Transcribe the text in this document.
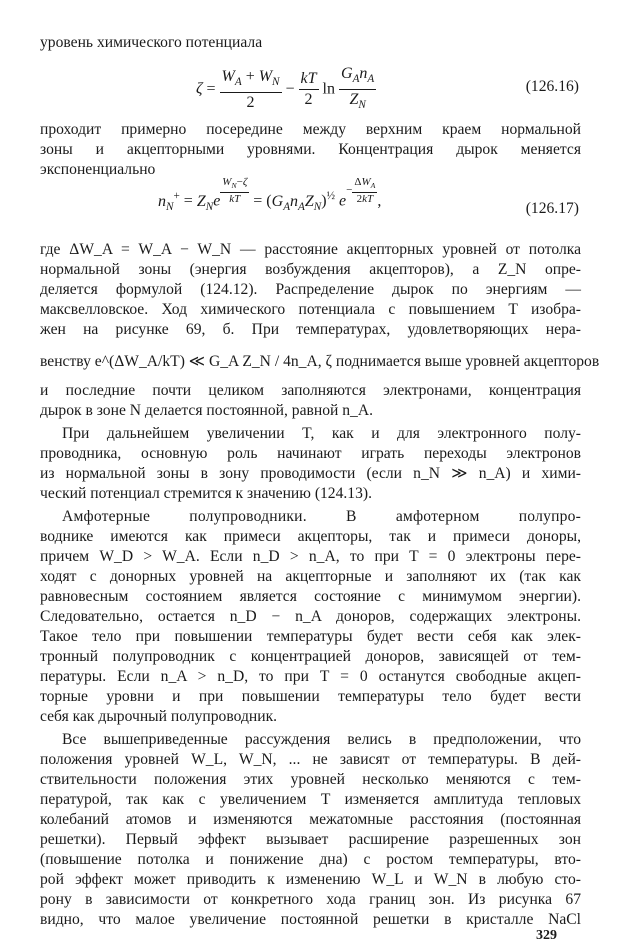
уровень химического потенциала
$\zeta = \frac{W_A + W_N}{2} - \frac{kT}{2}$ $\ln \frac{G_An_A}{Z_N}$	(126.16)
проходит примерно посередине между верхним краем нормальной
зоны и акцепторными уровнями. Концентрация дырок меняется
экспоненциально
$n_N^+ = Z_Ne$ $^{\frac{W_N-\zeta}{kT}} = (G_An_AZ_N)^{\frac{1}{2}}$ $e^{- \frac{\Delta W_A}{2kT}}$ ,	(126.17)
где ΔW_A = W_A − W_N — расстояние акцепторных уровней от потолка
нормальной зоны (энергия возбуждения акцепторов), а Z_N опре-
деляется формулой (124.12). Распределение дырок по энергиям —
максвелловское. Ход химического потенциала с повышением T изобра-
жен на рисунке 69, б. При температурах, удовлетворяющих нера-
венству e^(ΔW_A/kT) ≪ G_A Z_N / 4n_A, ζ поднимается выше уровней акцепторов
и последние почти целиком заполняются электронами, концентрация
дырок в зоне N делается постоянной, равной n_A.
При дальнейшем увеличении T, как и для электронного полу-
проводника, основную роль начинают играть переходы электронов
из нормальной зоны в зону проводимости (если n_N ≫ n_A) и хими-
ческий потенциал стремится к значению (124.13).
Амфотерные полупроводники. В амфотерном полупро-
воднике имеются как примеси акцепторы, так и примеси доноры,
причем W_D > W_A. Если n_D > n_A, то при T = 0 электроны пере-
ходят с донорных уровней на акцепторные и заполняют их (так как
равновесным состоянием является состояние с минимумом энергии).
Следовательно, остается n_D − n_A доноров, содержащих электроны.
Такое тело при повышении температуры будет вести себя как элек-
тронный полупроводник с концентрацией доноров, зависящей от тем-
пературы. Если n_A > n_D, то при T = 0 останутся свободные акцеп-
торные уровни и при повышении температуры тело будет вести
себя как дырочный полупроводник.
Все вышеприведенные рассуждения велись в предположении, что
положения уровней W_L, W_N, ... не зависят от температуры. В дей-
ствительности положения этих уровней несколько меняются с тем-
пературой, так как с увеличением T изменяется амплитуда тепловых
колебаний атомов и изменяются межатомные расстояния (постоянная
решетки). Первый эффект вызывает расширение разрешенных зон
(повышение потолка и понижение дна) с ростом температуры, вто-
рой эффект может приводить к изменению W_L и W_N в любую сто-
рону в зависимости от конкретного хода границ зон. Из рисунка 67
видно, что малое увеличение постоянной решетки в кристалле NaCl
329
